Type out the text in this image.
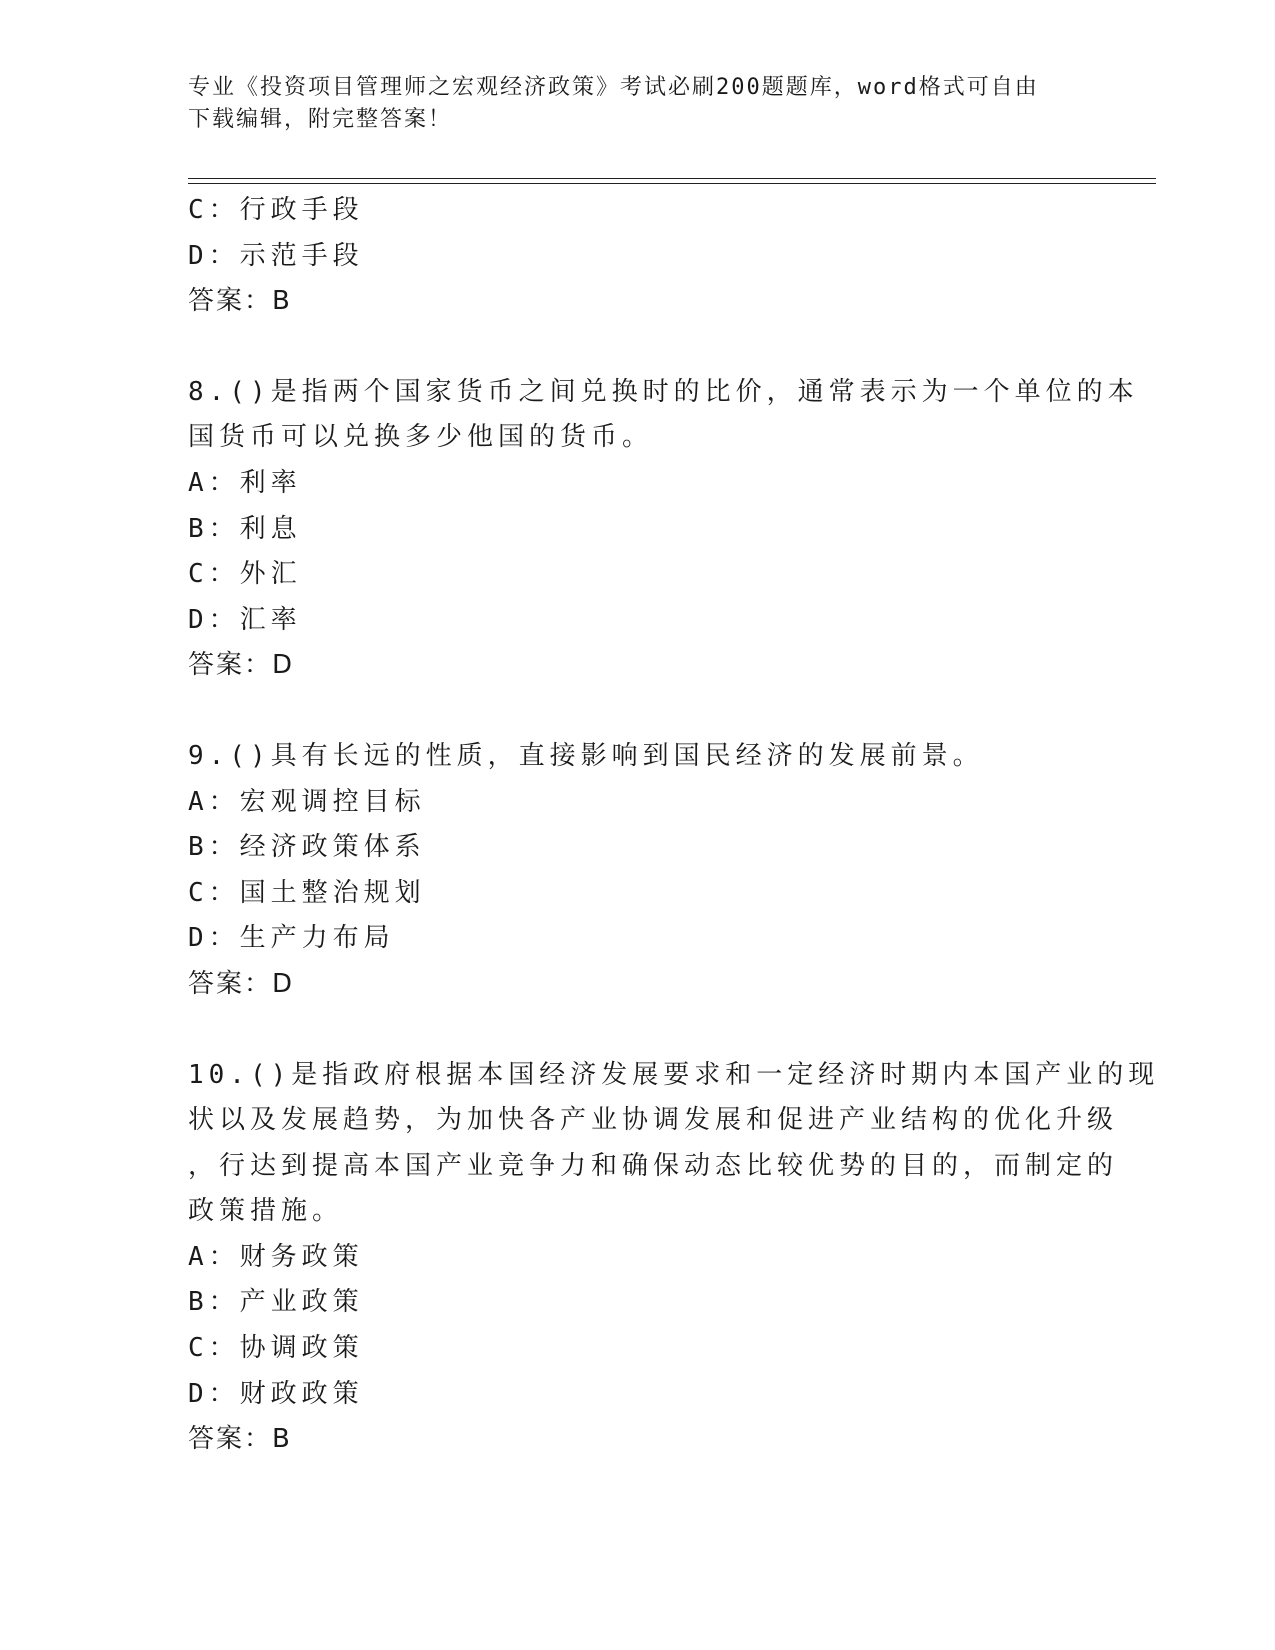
专业《投资项目管理师之宏观经济政策》考试必刷200题题库，word格式可自由
下载编辑，附完整答案！
C：行政手段
D：示范手段
答案：B
8.()是指两个国家货币之间兑换时的比价，通常表示为一个单位的本
国货币可以兑换多少他国的货币。
A：利率
B：利息
C：外汇
D：汇率
答案：D
9.()具有长远的性质，直接影响到国民经济的发展前景。
A：宏观调控目标
B：经济政策体系
C：国土整治规划
D：生产力布局
答案：D
10.()是指政府根据本国经济发展要求和一定经济时期内本国产业的现
状以及发展趋势，为加快各产业协调发展和促进产业结构的优化升级
，行达到提高本国产业竞争力和确保动态比较优势的目的，而制定的
政策措施。
A：财务政策
B：产业政策
C：协调政策
D：财政政策
答案：B
